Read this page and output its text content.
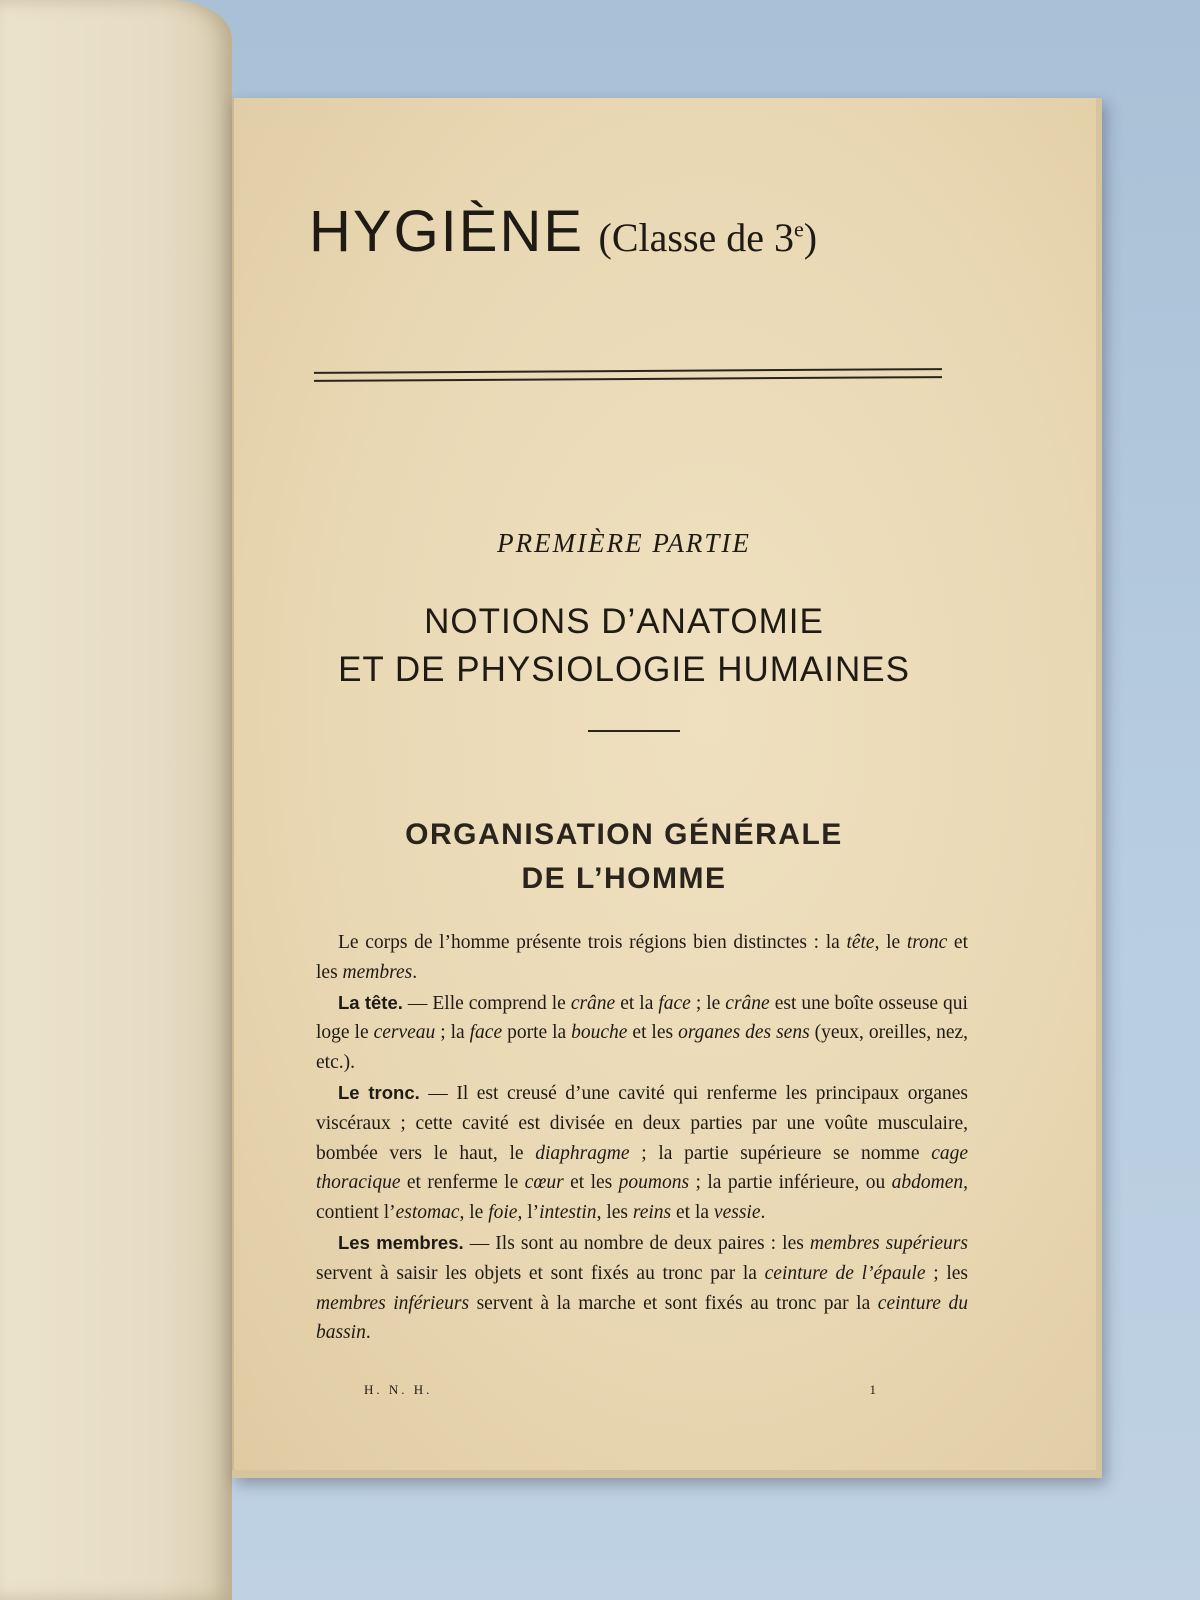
HYGIÈNE (Classe de 3e)
PREMIÈRE PARTIE
NOTIONS D’ANATOMIE
ET DE PHYSIOLOGIE HUMAINES
ORGANISATION GÉNÉRALE
DE L’HOMME

Le corps de l’homme présente trois régions bien distinctes : la tête, le tronc et les membres.

La tête. — Elle comprend le crâne et la face ; le crâne est une boîte osseuse qui loge le cerveau ; la face porte la bouche et les organes des sens (yeux, oreilles, nez, etc.).

Le tronc. — Il est creusé d’une cavité qui renferme les principaux organes viscéraux ; cette cavité est divisée en deux parties par une voûte musculaire, bombée vers le haut, le diaphragme ; la partie supérieure se nomme cage thoracique et renferme le cœur et les poumons ; la partie inférieure, ou abdomen, contient l’estomac, le foie, l’intestin, les reins et la vessie.

Les membres. — Ils sont au nombre de deux paires : les membres supérieurs servent à saisir les objets et sont fixés au tronc par la ceinture de l’épaule ; les membres inférieurs servent à la marche et sont fixés au tronc par la ceinture du bassin.

H. N. H.	1
